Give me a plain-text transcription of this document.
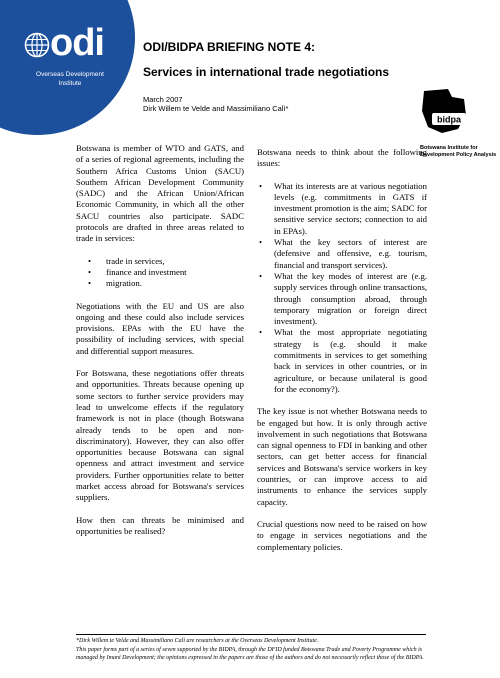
odi
Overseas Development
Institute
ODI/BIDPA BRIEFING NOTE 4:
Services in international trade negotiations
March 2007
Dirk Willem te Velde and Massimiliano Calì*
bidpa
Botswana Institute for
Development Policy Analysis

Botswana is member of WTO and GATS, and of a series of regional agreements, including the Southern Africa Customs Union (SACU) Southern African Development Community (SADC) and the African Union/African Economic Community, in which all the other SACU countries also participate. SADC protocols are drafted in three areas related to trade in services:

• trade in services,
• finance and investment
• migration.

Negotiations with the EU and US are also ongoing and these could also include services provisions. EPAs with the EU have the possibility of including services, with special and differential support measures.

For Botswana, these negotiations offer threats and opportunities. Threats because opening up some sectors to further service providers may lead to unwelcome effects if the regulatory framework is not in place (though Botswana already tends to be open and non-discriminatory). However, they can also offer opportunities because Botswana can signal openness and attract investment and service providers. Further opportunities relate to better market access abroad for Botswana's services suppliers.

How then can threats be minimised and opportunities be realised?

Botswana needs to think about the following issues:

• What its interests are at various negotiation levels (e.g. commitments in GATS if investment promotion is the aim; SADC for sensitive service sectors; connection to aid in EPAs).
• What the key sectors of interest are (defensive and offensive, e.g. tourism, financial and transport services).
• What the key modes of interest are (e.g. supply services through online transactions, through consumption abroad, through temporary migration or foreign direct investment).
• What the most appropriate negotiating strategy is (e.g. should it make commitments in services to get something back in services in other countries, or in agriculture, or because unilateral is good for the economy?).

The key issue is not whether Botswana needs to be engaged but how. It is only through active involvement in such negotiations that Botswana can signal openness to FDI in banking and other sectors, can get better access for financial services and Botswana's service workers in key countries, or can improve access to aid instruments to enhance the services supply capacity.

Crucial questions now need to be raised on how to engage in services negotiations and the complementary policies.

*Dirk Willem te Velde and Massimiliano Calì are researchers at the Overseas Development Institute.
This paper forms part of a series of seven supported by the BIDPA, through the DFID funded Botswana Trade and Poverty Programme which is managed by Imani Development; the opinions expressed in the papers are those of the authors and do not necessarily reflect those of the BIDPA.
